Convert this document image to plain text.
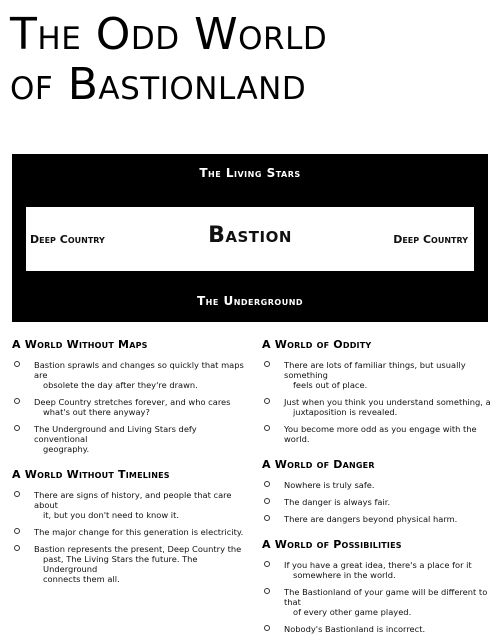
The Odd World
of Bastionland
The Living Stars
Deep Country	Bastion	Deep Country
The Underground
A World Without Maps
Bastion sprawls and changes so quickly that maps are
obsolete the day after they're drawn.
Deep Country stretches forever, and who cares
what's out there anyway?
The Underground and Living Stars defy conventional
geography.
A World Without Timelines
There are signs of history, and people that care about
it, but you don't need to know it.
The major change for this generation is electricity.
Bastion represents the present, Deep Country the
past, The Living Stars the future. The Underground
connects them all.
A World of Oddity
There are lots of familiar things, but usually something
feels out of place.
Just when you think you understand something, a
juxtaposition is revealed.
You become more odd as you engage with the world.
A World of Danger
Nowhere is truly safe.
The danger is always fair.
There are dangers beyond physical harm.
A World of Possibilities
If you have a great idea, there's a place for it
somewhere in the world.
The Bastionland of your game will be different to that
of every other game played.
Nobody's Bastionland is incorrect.
